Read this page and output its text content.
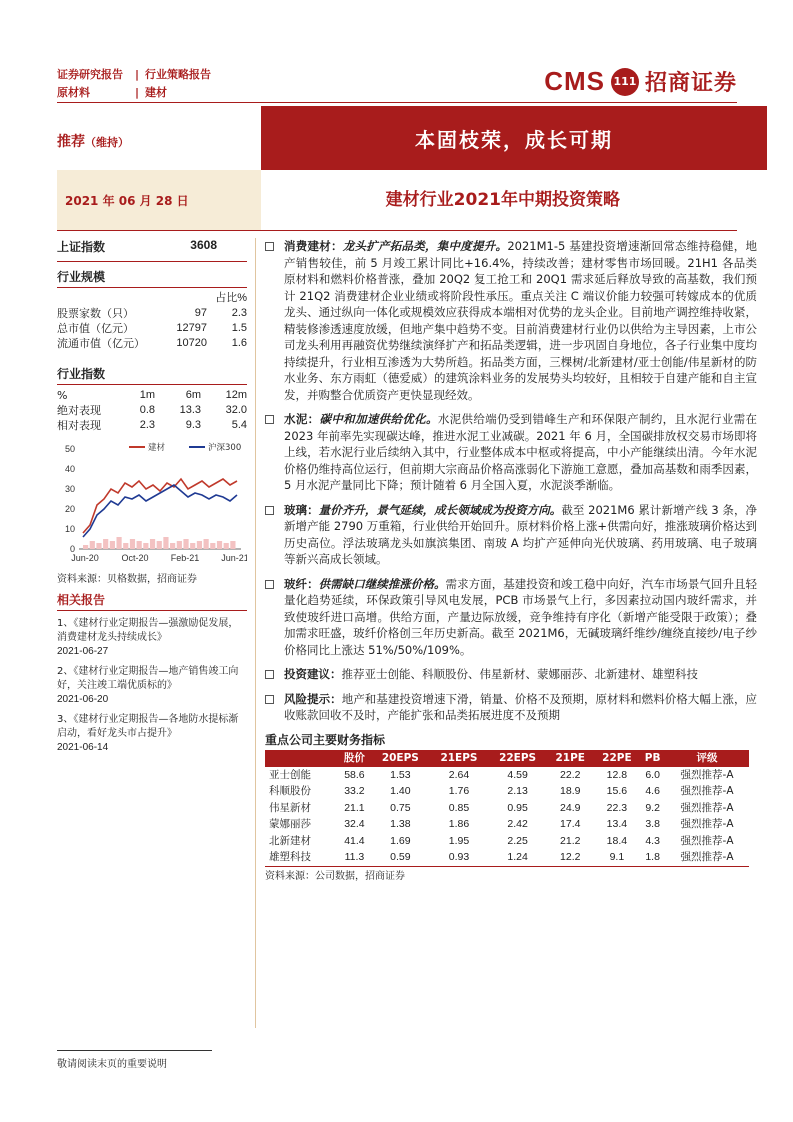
证券研究报告	| 行业策略报告
原材料	| 建材	CMS 111 招商证券
推荐（维持）	本固枝荣，成长可期
2021 年 06 月 28 日	建材行业2021年中期投资策略
上证指数	3608
行业规模
占比%
股票家数（只）	97	2.3
总市值（亿元）	12797	1.5
流通市值（亿元）	10720	1.6
行业指数
%	1m	6m	12m
绝对表现	0.8	13.3	32.0
相对表现	2.3	9.3	5.4
0
10
20
30
40
50
Jun-20	Oct-20 Feb-21 Jun-21
建材	沪深300
资料来源：贝格数据，招商证券
相关报告
1、《建材行业定期报告—强激励促发展，消费建材龙头持续成长》
2021-06-27
2、《建材行业定期报告—地产销售竣工向好，关注竣工端优质标的》
2021-06-20
3、《建材行业定期报告—各地防水提标渐启动，看好龙头市占提升》
2021-06-14
消费建材：龙头扩产拓品类，集中度提升。2021M1-5 基建投资增速渐回常态维持稳健，地产销售较佳，前 5 月竣工累计同比+16.4%，持续改善；建材零售市场回暖。21H1 各品类原材料和燃料价格普涨，叠加 20Q2 复工抢工和 20Q1 需求延后释放导致的高基数，我们预计 21Q2 消费建材企业业绩或将阶段性承压。重点关注 C 端议价能力较强可转嫁成本的优质龙头、通过纵向一体化或规模效应获得成本端相对优势的龙头企业。目前地产调控维持收紧，精装修渗透速度放缓，但地产集中趋势不变。目前消费建材行业仍以供给为主导因素，上市公司龙头利用再融资优势继续演绎扩产和拓品类逻辑，进一步巩固自身地位，各子行业集中度均持续提升，行业相互渗透为大势所趋。拓品类方面，三棵树/北新建材/亚士创能/伟星新材的防水业务、东方雨虹（德爱威）的建筑涂料业务的发展势头均较好，且相较于自建产能和自主宣发，并购整合优质资产更快显现经效。
水泥：碳中和加速供给优化。水泥供给端仍受到错峰生产和环保限产制约，且水泥行业需在 2023 年前率先实现碳达峰，推进水泥工业减碳。2021 年 6 月，全国碳排放权交易市场即将上线，若水泥行业后续纳入其中，行业整体成本中枢或将提高，中小产能继续出清。今年水泥价格仍维持高位运行，但前期大宗商品价格高涨弱化下游施工意愿，叠加高基数和雨季因素，5 月水泥产量同比下降；预计随着 6 月全国入夏，水泥淡季渐临。
玻璃：量价齐升，景气延续，成长领域成为投资方向。截至 2021M6 累计新增产线 3 条，净新增产能 2790 万重箱，行业供给开始回升。原材料价格上涨+供需向好，推涨玻璃价格达到历史高位。浮法玻璃龙头如旗滨集团、南玻 A 均扩产延伸向光伏玻璃、药用玻璃、电子玻璃等新兴高成长领域。
玻纤：供需缺口继续推涨价格。需求方面，基建投资和竣工稳中向好，汽车市场景气回升且轻量化趋势延续，环保政策引导风电发展，PCB 市场景气上行，多因素拉动国内玻纤需求，并致使玻纤进口高增。供给方面，产量边际放缓，竞争维持有序化（新增产能受限于政策）；叠加需求旺盛，玻纤价格创三年历史新高。截至 2021M6，无碱玻璃纤维纱/缠绕直接纱/电子纱价格同比上涨达 51%/50%/109%。
投资建议：推荐亚士创能、科顺股份、伟星新材、蒙娜丽莎、北新建材、雄塑科技
风险提示：地产和基建投资增速下滑，销量、价格不及预期，原材料和燃料价格大幅上涨，应收账款回收不及时，产能扩张和品类拓展进度不及预期
重点公司主要财务指标
	股价	20EPS	21EPS	22EPS	21PE	22PE	PB	评级
亚士创能	58.6	1.53	2.64	4.59	22.2	12.8	6.0	强烈推荐-A
科顺股份	33.2	1.40	1.76	2.13	18.9	15.6	4.6	强烈推荐-A
伟星新材	21.1	0.75	0.85	0.95	24.9	22.3	9.2	强烈推荐-A
蒙娜丽莎	32.4	1.38	1.86	2.42	17.4	13.4	3.8	强烈推荐-A
北新建材	41.4	1.69	1.95	2.25	21.2	18.4	4.3	强烈推荐-A
雄塑科技	11.3	0.59	0.93	1.24	12.2	9.1	1.8	强烈推荐-A
资料来源：公司数据，招商证券
敬请阅读末页的重要说明
